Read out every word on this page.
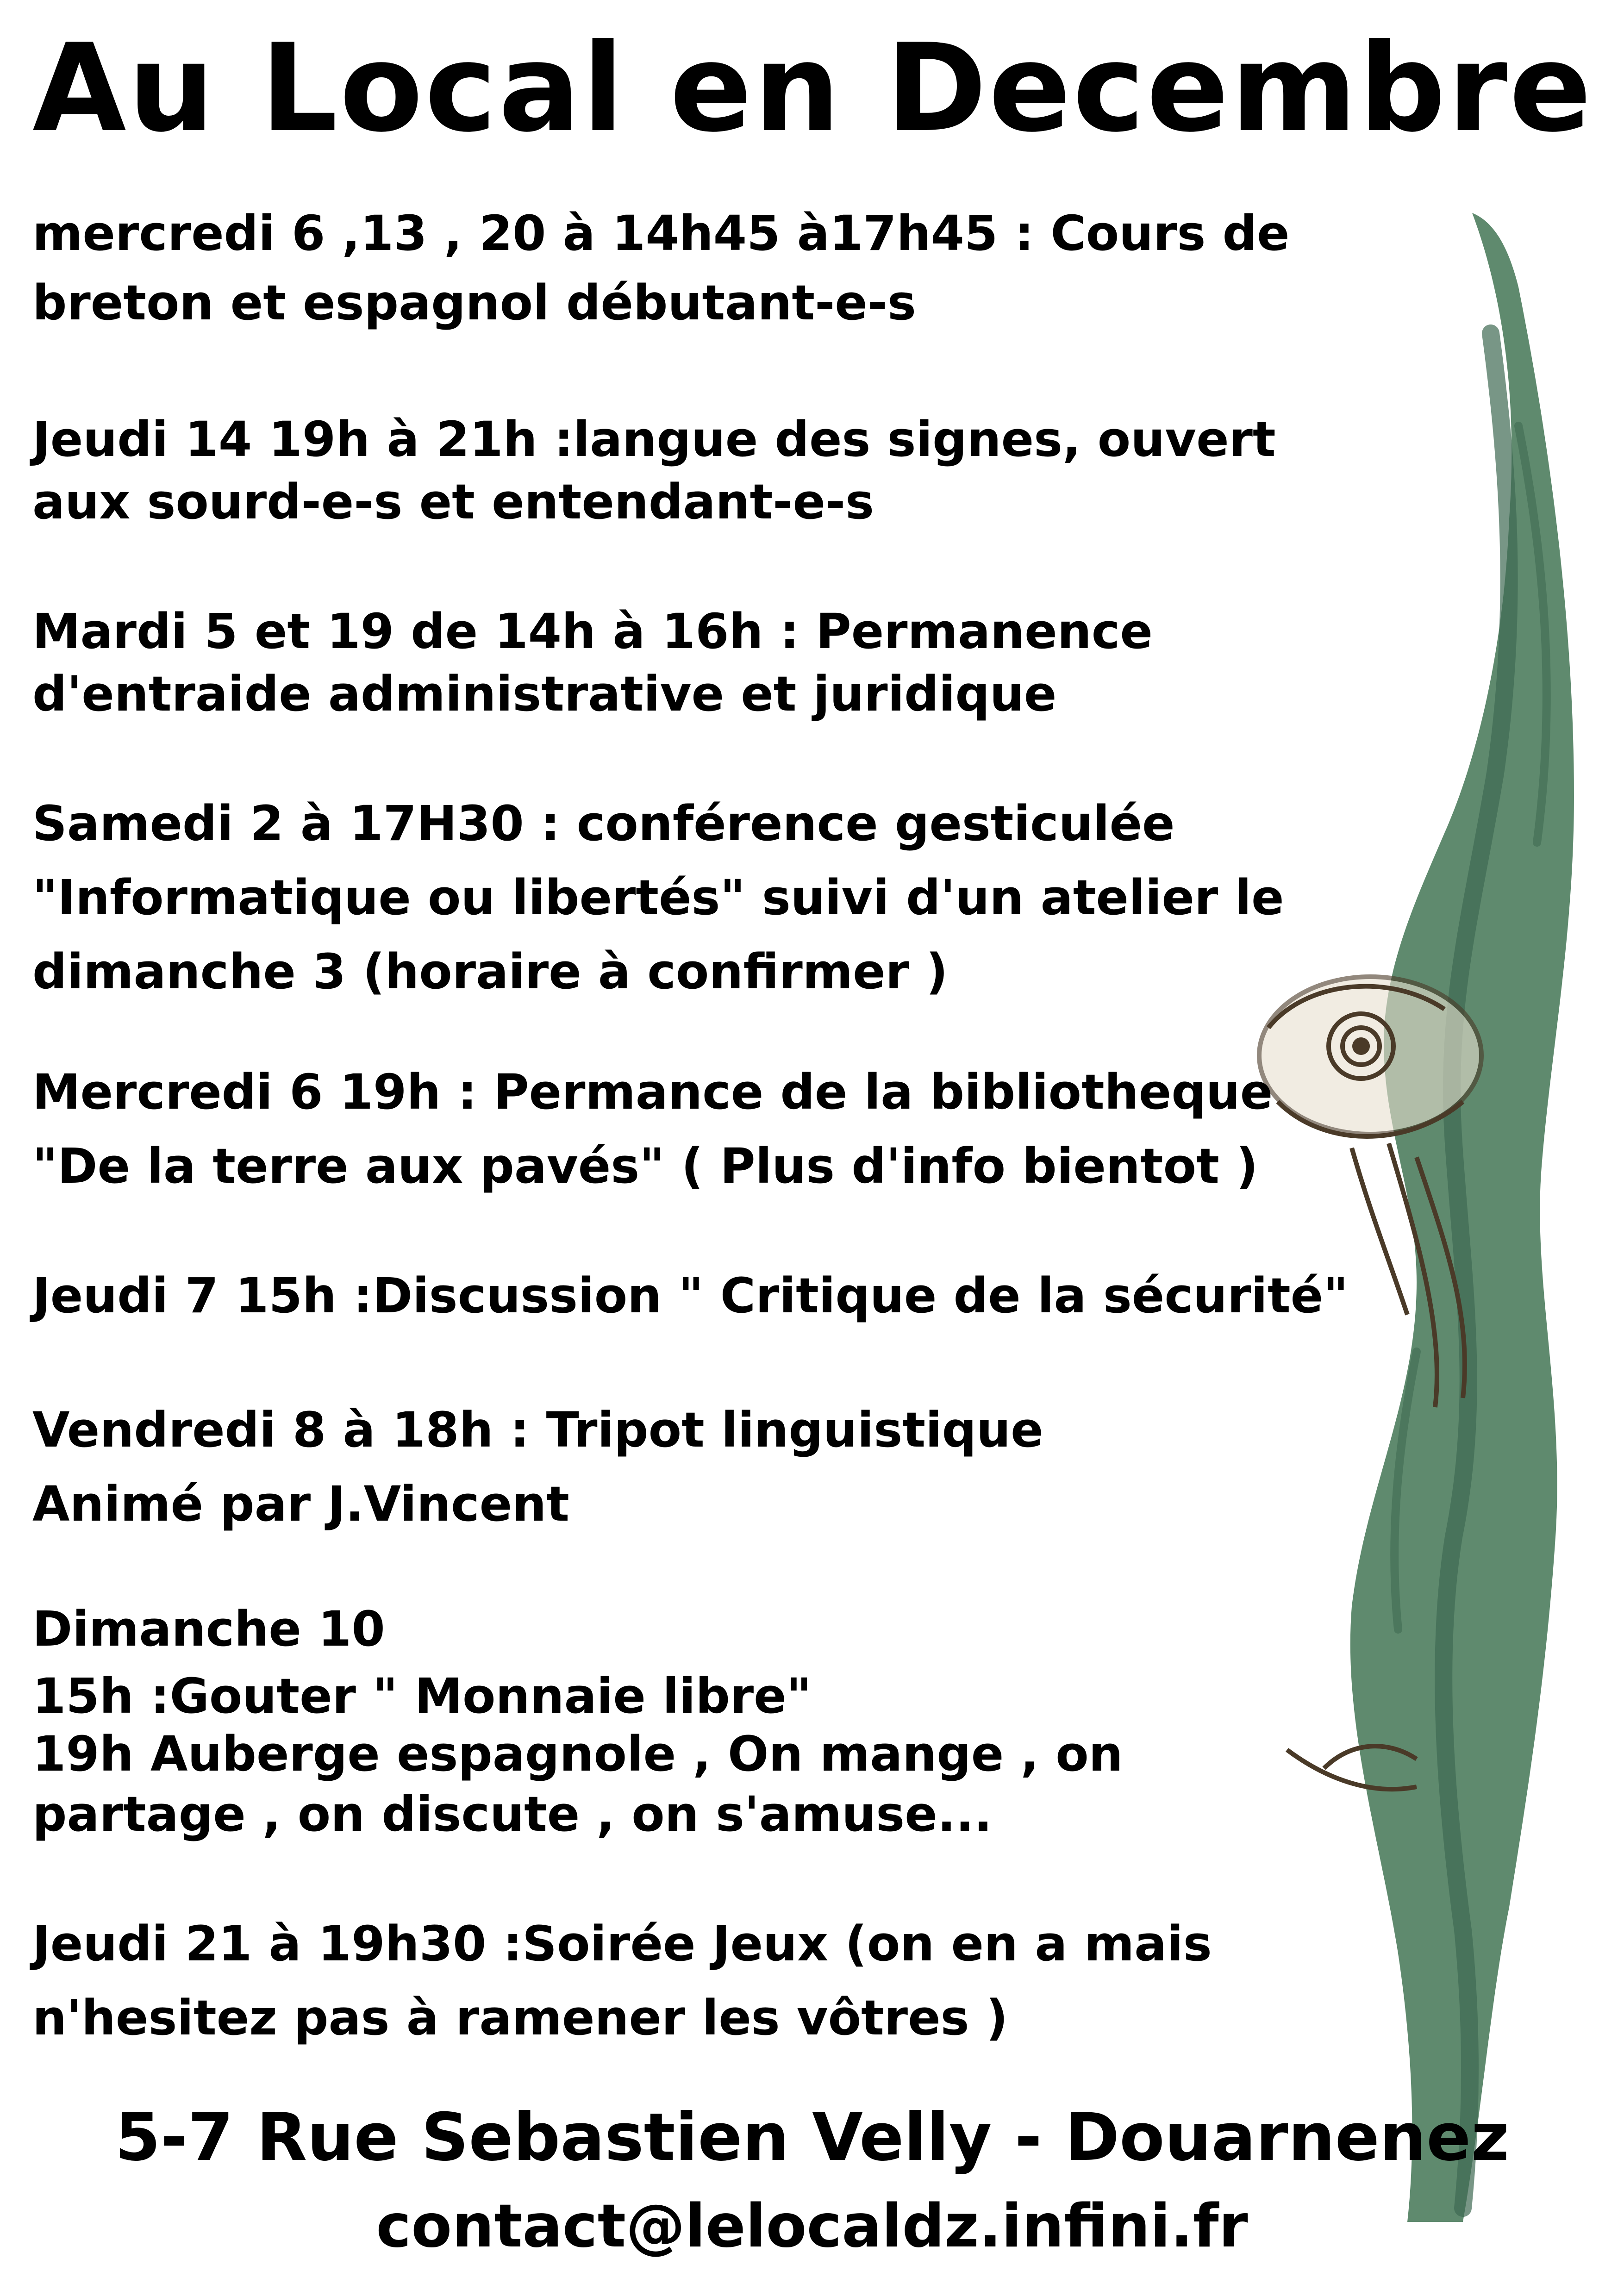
Au Local en Decembre
mercredi 6 ,13 , 20 à 14h45 à17h45 : Cours de
breton et espagnol débutant-e-s
Jeudi 14 19h à 21h :langue des signes, ouvert
aux sourd-e-s et entendant-e-s
Mardi 5 et 19 de 14h à 16h : Permanence
d'entraide administrative et juridique
Samedi 2 à 17H30 : conférence gesticulée
"Informatique ou libertés" suivi d'un atelier le
dimanche 3 (horaire à confirmer )
Mercredi 6 19h : Permance de la bibliotheque
"De la terre aux pavés" ( Plus d'info bientot )
Jeudi 7 15h :Discussion " Critique de la sécurité"
Vendredi 8 à 18h : Tripot linguistique
Animé par J.Vincent
Dimanche 10
15h :Gouter " Monnaie libre"
19h Auberge espagnole , On mange , on
partage , on discute , on s'amuse...
Jeudi 21 à 19h30 :Soirée Jeux (on en a mais
n'hesitez pas à ramener les vôtres )
5-7 Rue Sebastien Velly - Douarnenez
contact@lelocaldz.infini.fr
